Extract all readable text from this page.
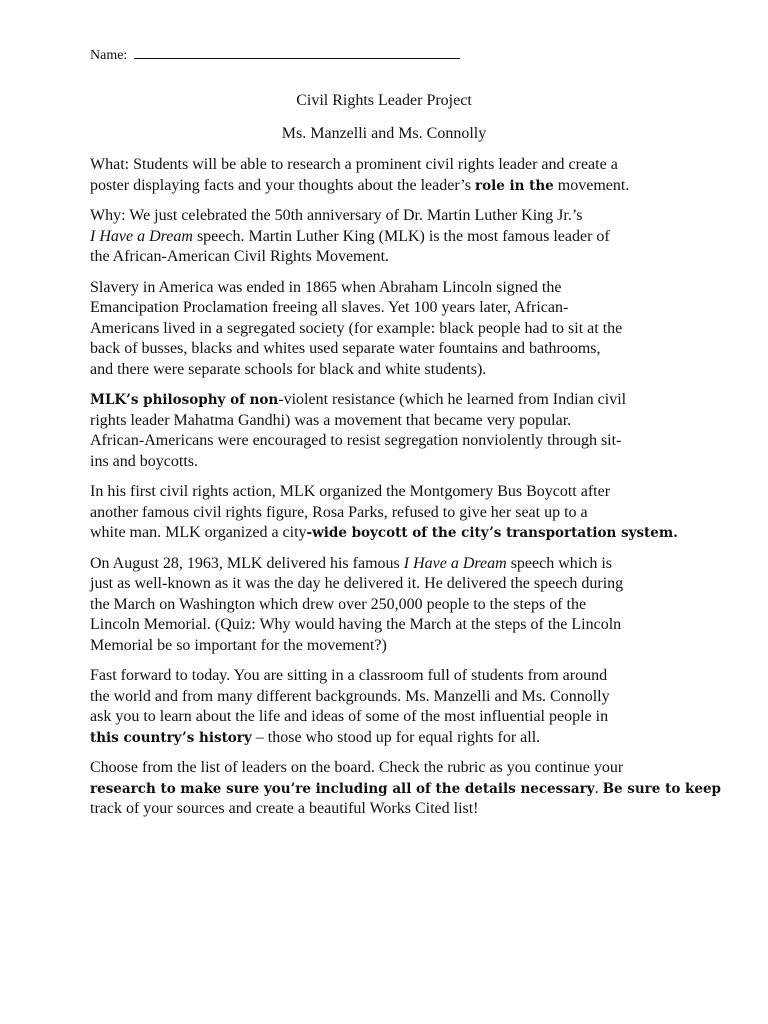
Name:
Civil Rights Leader Project
Ms. Manzelli and Ms. Connolly
What: Students will be able to research a prominent civil rights leader and create a
poster displaying facts and your thoughts about the leader’s role in the movement.
Why: We just celebrated the 50th anniversary of Dr. Martin Luther King Jr.’s
I Have a Dream speech. Martin Luther King (MLK) is the most famous leader of
the African-American Civil Rights Movement.
Slavery in America was ended in 1865 when Abraham Lincoln signed the
Emancipation Proclamation freeing all slaves. Yet 100 years later, African-
Americans lived in a segregated society (for example: black people had to sit at the
back of busses, blacks and whites used separate water fountains and bathrooms,
and there were separate schools for black and white students).
MLK’s philosophy of non-violent resistance (which he learned from Indian civil
rights leader Mahatma Gandhi) was a movement that became very popular.
African-Americans were encouraged to resist segregation nonviolently through sit-
ins and boycotts.
In his first civil rights action, MLK organized the Montgomery Bus Boycott after
another famous civil rights figure, Rosa Parks, refused to give her seat up to a
white man. MLK organized a city-wide boycott of the city’s transportation system.
On August 28, 1963, MLK delivered his famous I Have a Dream speech which is
just as well-known as it was the day he delivered it. He delivered the speech during
the March on Washington which drew over 250,000 people to the steps of the
Lincoln Memorial. (Quiz: Why would having the March at the steps of the Lincoln
Memorial be so important for the movement?)
Fast forward to today. You are sitting in a classroom full of students from around
the world and from many different backgrounds. Ms. Manzelli and Ms. Connolly
ask you to learn about the life and ideas of some of the most influential people in
this country’s history – those who stood up for equal rights for all.
Choose from the list of leaders on the board. Check the rubric as you continue your
research to make sure you’re including all of the details necessary. Be sure to keep
track of your sources and create a beautiful Works Cited list!
